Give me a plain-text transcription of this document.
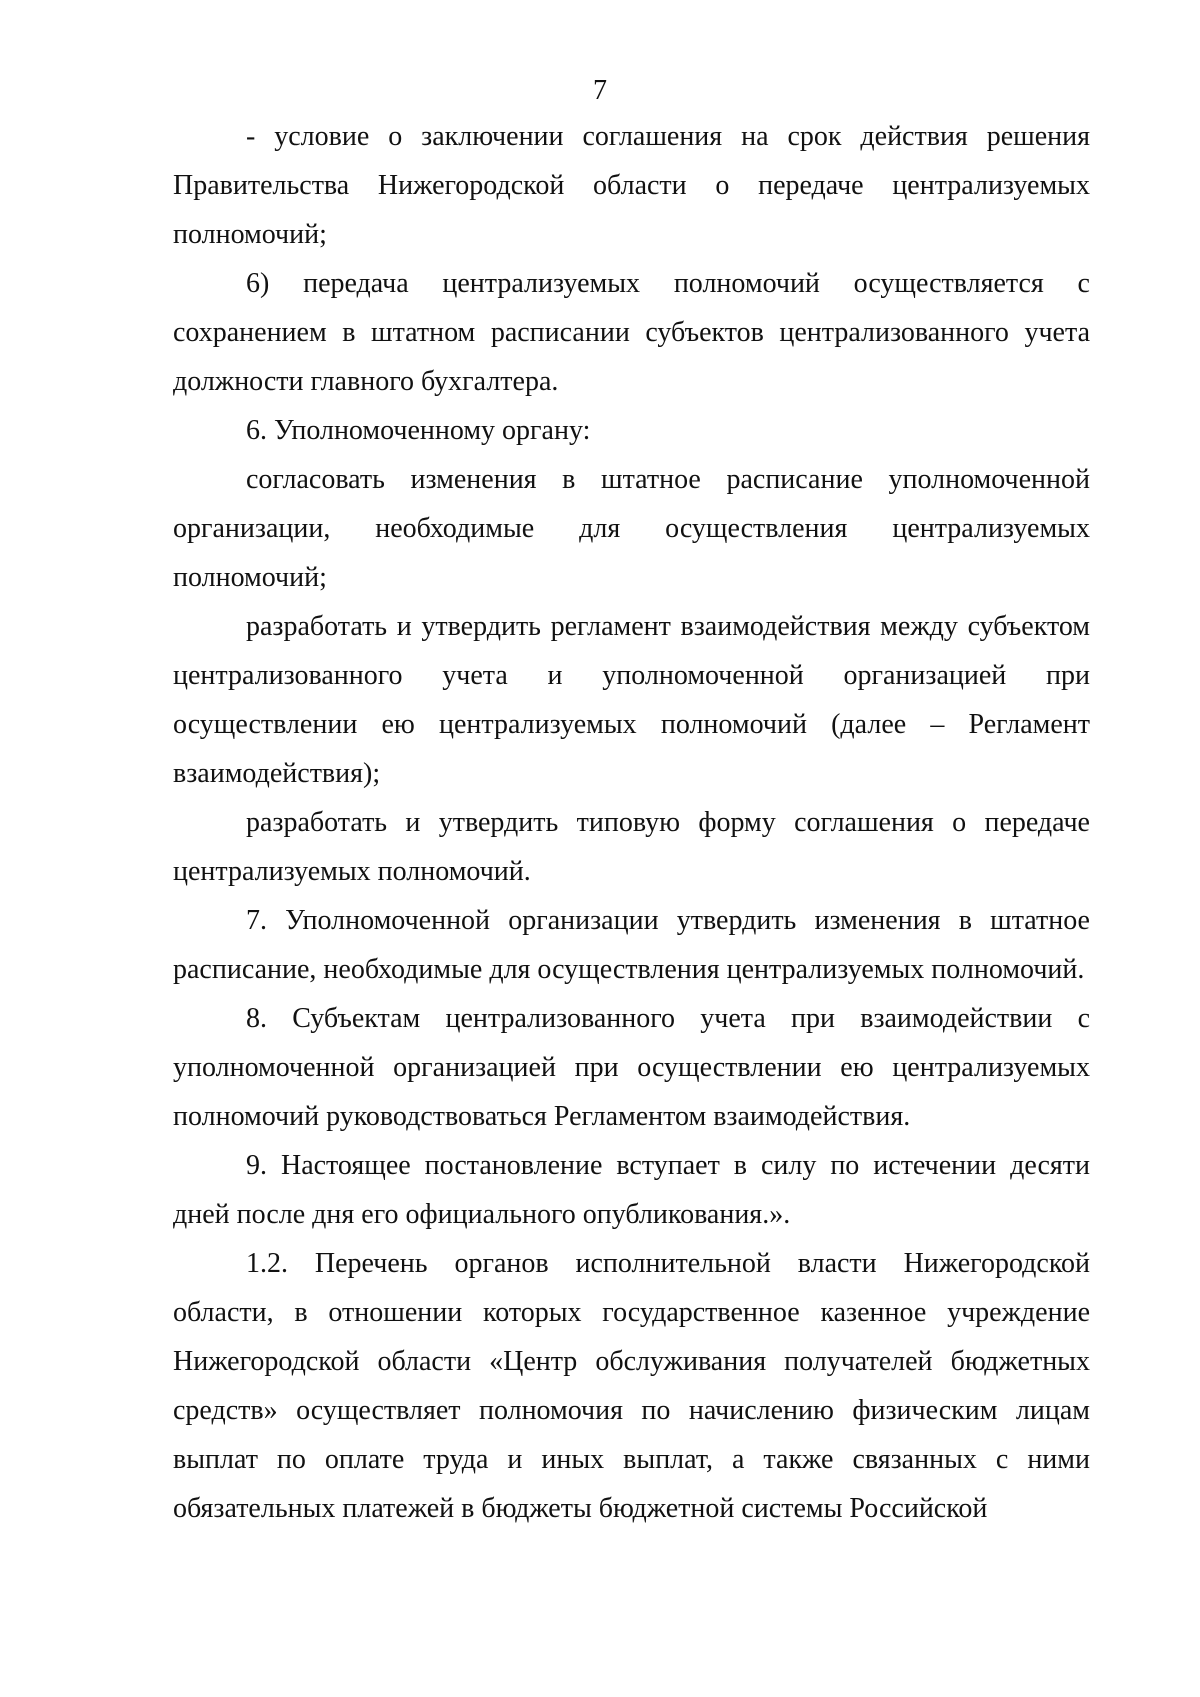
7

- условие о заключении соглашения на срок действия решения Правительства Нижегородской области о передаче централизуемых полномочий;

6) передача централизуемых полномочий осуществляется с сохранением в штатном расписании субъектов централизованного учета должности главного бухгалтера.

6. Уполномоченному органу:

согласовать изменения в штатное расписание уполномоченной организации, необходимые для осуществления централизуемых полномочий;

разработать и утвердить регламент взаимодействия между субъектом централизованного учета и уполномоченной организацией при осуществлении ею централизуемых полномочий (далее – Регламент взаимодействия);

разработать и утвердить типовую форму соглашения о передаче централизуемых полномочий.

7. Уполномоченной организации утвердить изменения в штатное расписание, необходимые для осуществления централизуемых полномочий.

8. Субъектам централизованного учета при взаимодействии с уполномоченной организацией при осуществлении ею централизуемых полномочий руководствоваться Регламентом взаимодействия.

9. Настоящее постановление вступает в силу по истечении десяти дней после дня его официального опубликования.».

1.2. Перечень органов исполнительной власти Нижегородской области, в отношении которых государственное казенное учреждение Нижегородской области «Центр обслуживания получателей бюджетных средств» осуществляет полномочия по начислению физическим лицам выплат по оплате труда и иных выплат, а также связанных с ними обязательных платежей в бюджеты бюджетной системы Российской
